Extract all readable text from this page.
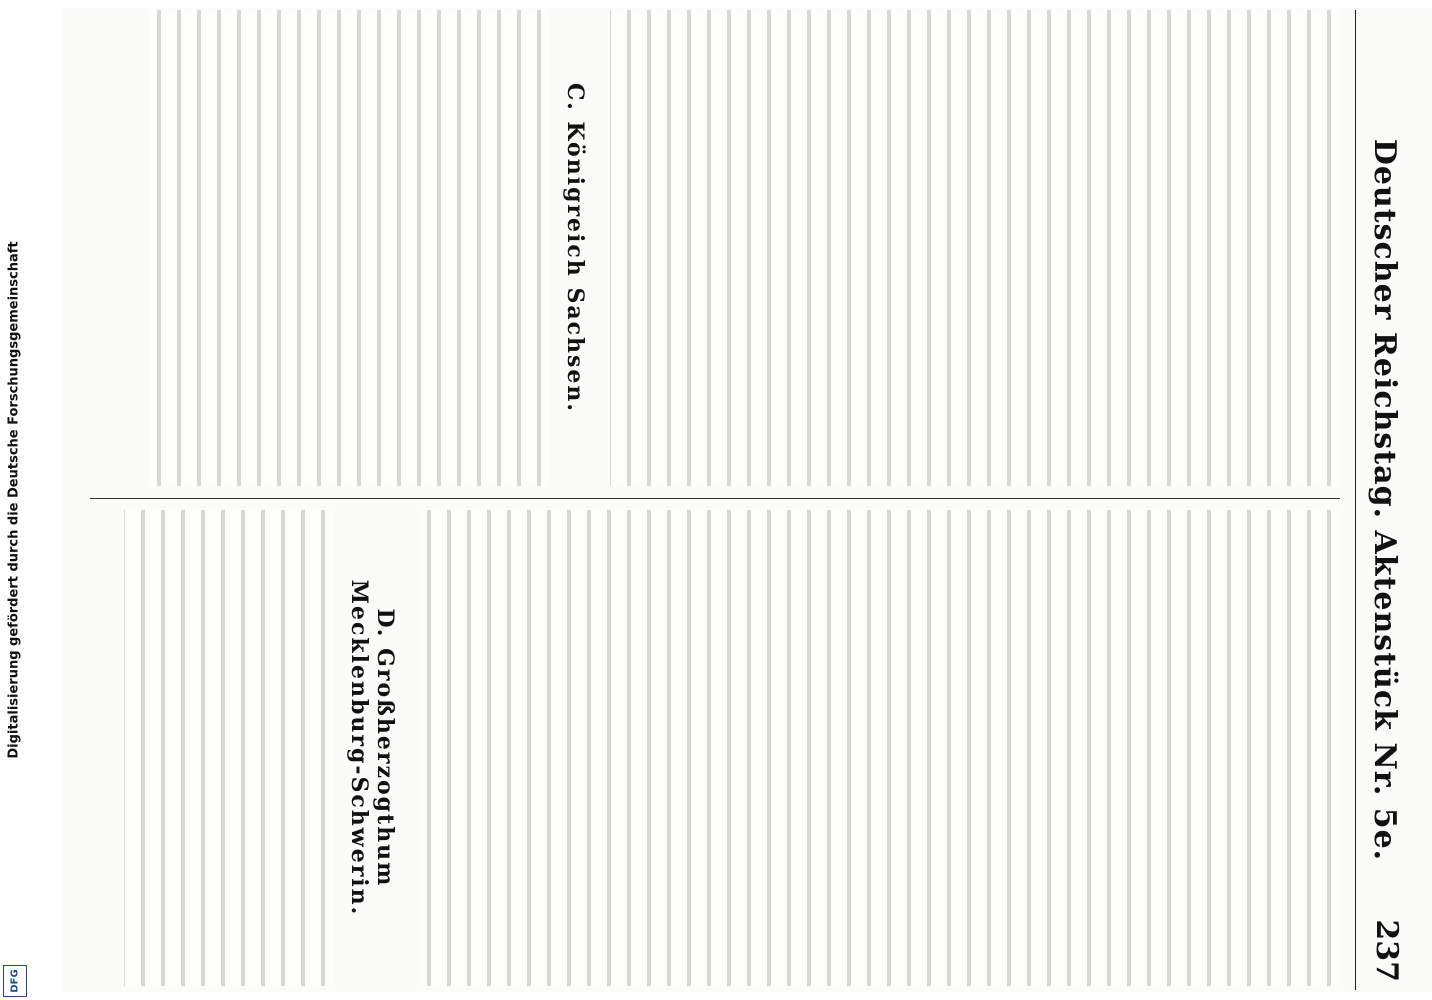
Digitalisierung gefördert durch die Deutsche Forschungsgemeinschaft
DFG
Deutscher Reichstag. Aktenstück Nr. 5e.
237
C. Königreich Sachsen.
D. Großherzogthum Mecklenburg-Schwerin.
